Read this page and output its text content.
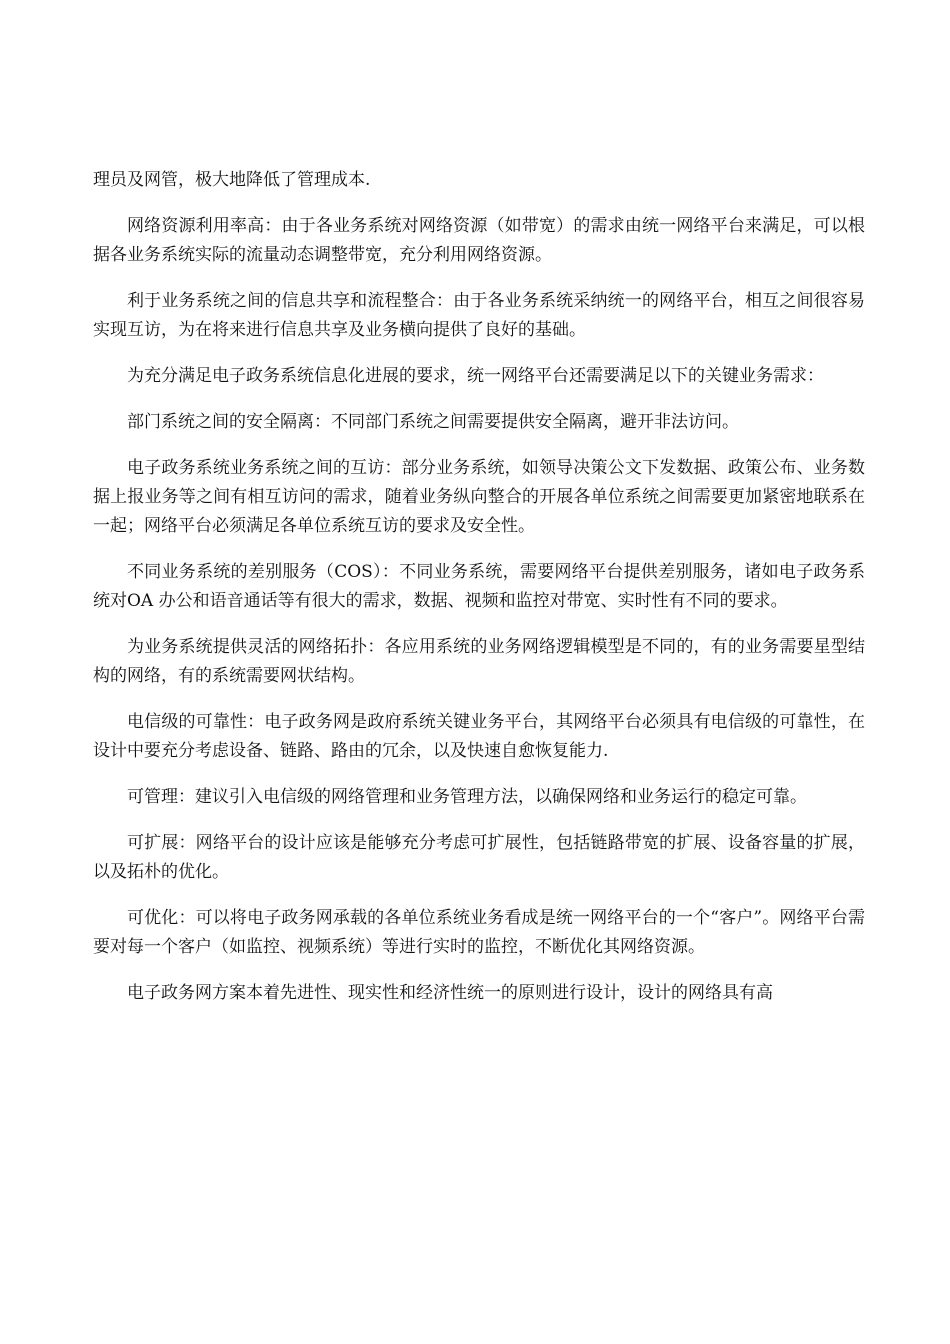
理员及网管，极大地降低了管理成本.

网络资源利用率高：由于各业务系统对网络资源（如带宽）的需求由统一网络平台来满足，可以根据各业务系统实际的流量动态调整带宽，充分利用网络资源。

利于业务系统之间的信息共享和流程整合：由于各业务系统采纳统一的网络平台，相互之间很容易实现互访，为在将来进行信息共享及业务横向提供了良好的基础。

为充分满足电子政务系统信息化进展的要求，统一网络平台还需要满足以下的关键业务需求：

部门系统之间的安全隔离：不同部门系统之间需要提供安全隔离，避开非法访问。

电子政务系统业务系统之间的互访：部分业务系统，如领导决策公文下发数据、政策公布、业务数据上报业务等之间有相互访问的需求，随着业务纵向整合的开展各单位系统之间需要更加紧密地联系在一起；网络平台必须满足各单位系统互访的要求及安全性。

不同业务系统的差别服务（COS）：不同业务系统，需要网络平台提供差别服务，诸如电子政务系统对OA 办公和语音通话等有很大的需求，数据、视频和监控对带宽、实时性有不同的要求。

为业务系统提供灵活的网络拓扑：各应用系统的业务网络逻辑模型是不同的，有的业务需要星型结构的网络，有的系统需要网状结构。

电信级的可靠性：电子政务网是政府系统关键业务平台，其网络平台必须具有电信级的可靠性，在设计中要充分考虑设备、链路、路由的冗余，以及快速自愈恢复能力.

可管理：建议引入电信级的网络管理和业务管理方法，以确保网络和业务运行的稳定可靠。

可扩展：网络平台的设计应该是能够充分考虑可扩展性，包括链路带宽的扩展、设备容量的扩展，以及拓朴的优化。

可优化：可以将电子政务网承载的各单位系统业务看成是统一网络平台的一个“客户”。网络平台需要对每一个客户（如监控、视频系统）等进行实时的监控，不断优化其网络资源。

电子政务网方案本着先进性、现实性和经济性统一的原则进行设计，设计的网络具有高
